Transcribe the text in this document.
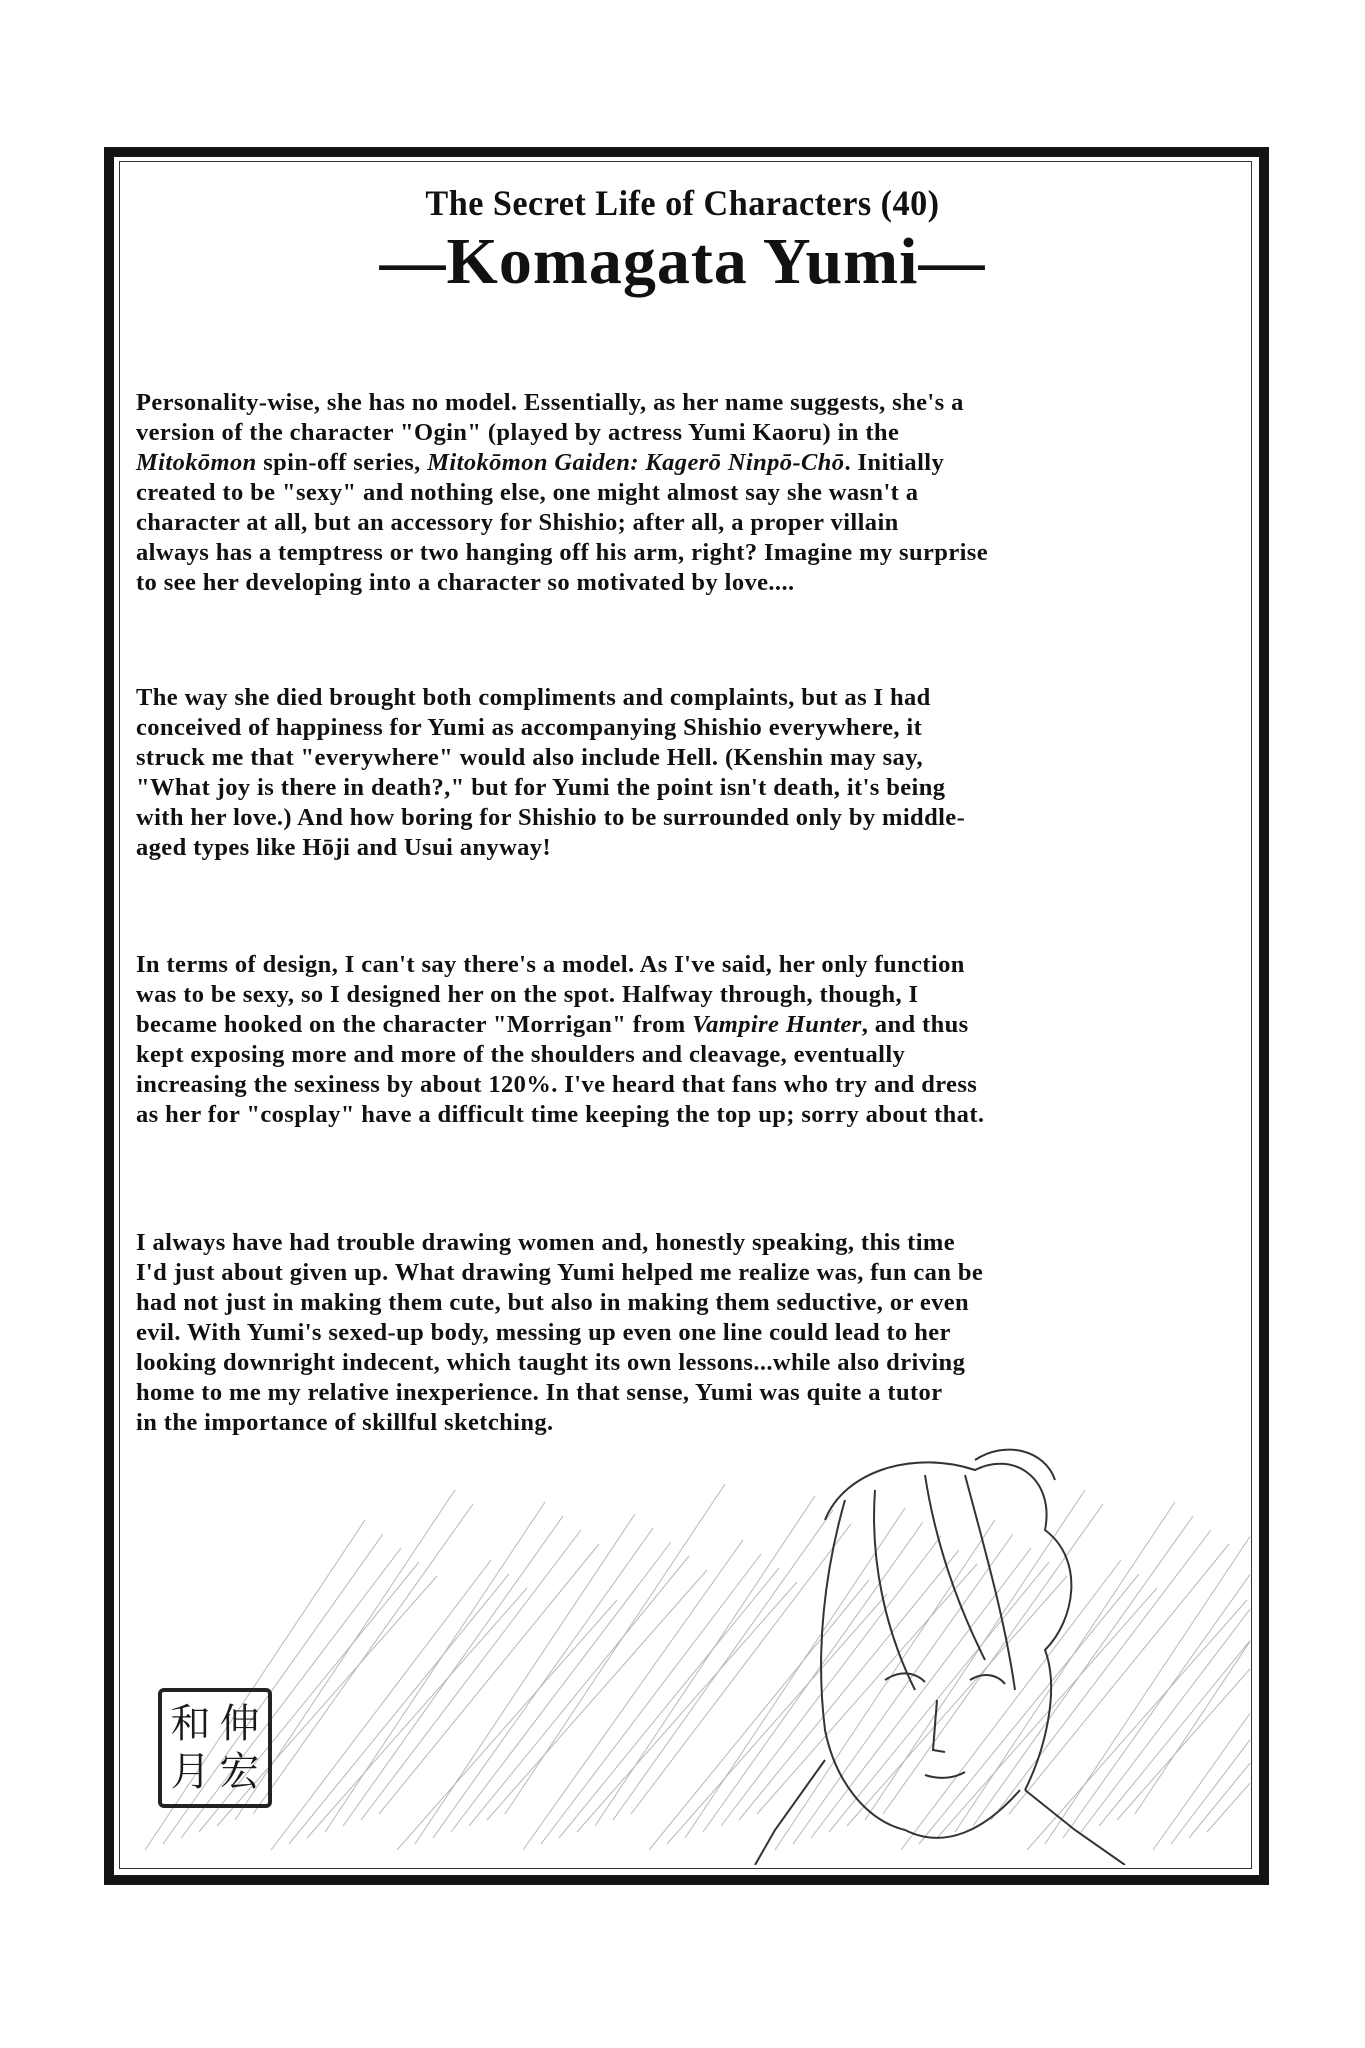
The Secret Life of Characters (40)
—Komagata Yumi—
Personality-wise, she has no model. Essentially, as her name suggests, she's a
version of the character "Ogin" (played by actress Yumi Kaoru) in the
Mitokōmon spin-off series, Mitokōmon Gaiden: Kagerō Ninpō-Chō. Initially
created to be "sexy" and nothing else, one might almost say she wasn't a
character at all, but an accessory for Shishio; after all, a proper villain
always has a temptress or two hanging off his arm, right? Imagine my surprise
to see her developing into a character so motivated by love....
The way she died brought both compliments and complaints, but as I had
conceived of happiness for Yumi as accompanying Shishio everywhere, it
struck me that "everywhere" would also include Hell. (Kenshin may say,
"What joy is there in death?," but for Yumi the point isn't death, it's being
with her love.) And how boring for Shishio to be surrounded only by middle-
aged types like Hōji and Usui anyway!
In terms of design, I can't say there's a model. As I've said, her only function
was to be sexy, so I designed her on the spot. Halfway through, though, I
became hooked on the character "Morrigan" from Vampire Hunter, and thus
kept exposing more and more of the shoulders and cleavage, eventually
increasing the sexiness by about 120%. I've heard that fans who try and dress
as her for "cosplay" have a difficult time keeping the top up; sorry about that.
I always have had trouble drawing women and, honestly speaking, this time
I'd just about given up. What drawing Yumi helped me realize was, fun can be
had not just in making them cute, but also in making them seductive, or even
evil. With Yumi's sexed-up body, messing up even one line could lead to her
looking downright indecent, which taught its own lessons...while also driving
home to me my relative inexperience. In that sense, Yumi was quite a tutor
in the importance of skillful sketching.
伸
宏
和
月
